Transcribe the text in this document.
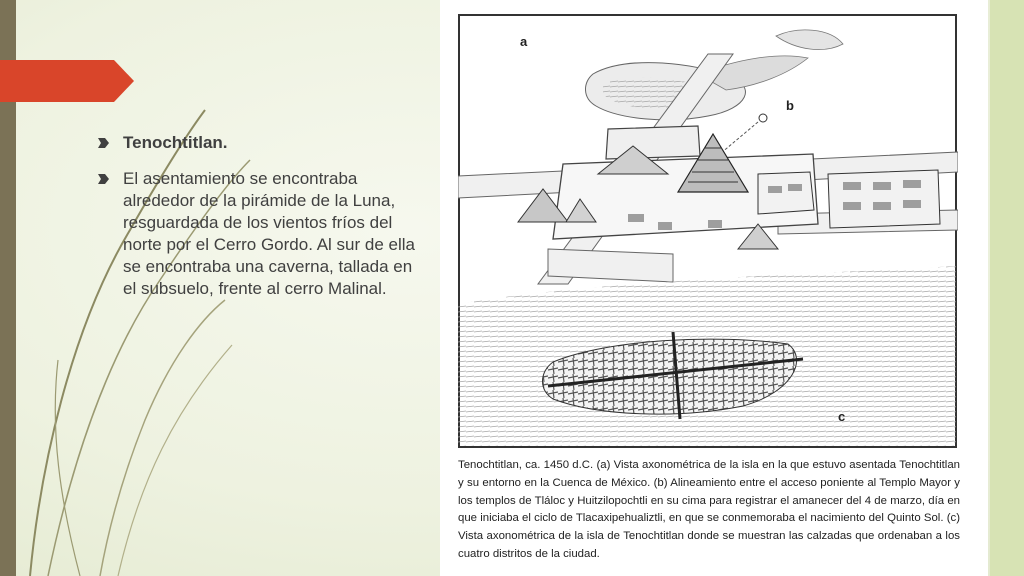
Tenochtitlan.
El asentamiento se encontraba alrededor de la pirámide de la Luna, resguardada de los vientos fríos del norte por el Cerro Gordo. Al sur de ella se encontraba una caverna, tallada en el subsuelo, frente al cerro Malinal.
a
b
c

Tenochtitlan, ca. 1450 d.C. (a) Vista axonométrica de la isla en la que estuvo asentada Tenochtitlan y su entorno en la Cuenca de México. (b) Alineamiento entre el acceso poniente al Templo Mayor y los templos de Tláloc y Huitzilopochtli en su cima para registrar el amanecer del 4 de marzo, día en que iniciaba el ciclo de Tlacaxipehualiztli, en que se conmemoraba el nacimiento del Quinto Sol. (c) Vista axonométrica de la isla de Tenochtitlan donde se muestran las calzadas que ordenaban a los cuatro distritos de la ciudad.
